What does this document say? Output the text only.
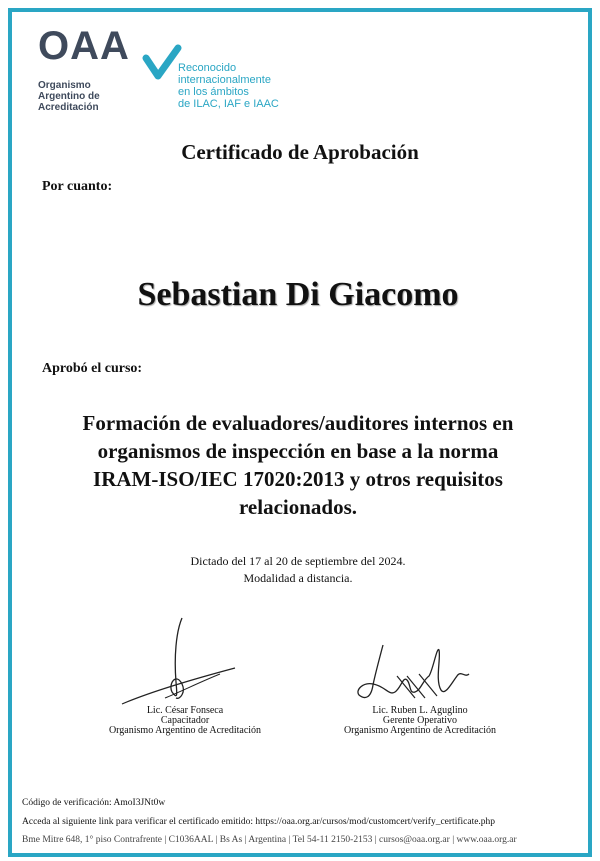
OAA
Organismo
Argentino de
Acreditación
Reconocido
internacionalmente
en los ámbitos
de ILAC, IAF e IAAC
Certificado de Aprobación
Por cuanto:
Sebastian Di Giacomo
Aprobó el curso:
Formación de evaluadores/auditores internos en
organismos de inspección en base a la norma
IRAM-ISO/IEC 17020:2013 y otros requisitos
relacionados.
Dictado del 17 al 20 de septiembre del 2024.
Modalidad a distancia.
Lic. César Fonseca
Capacitador
Organismo Argentino de Acreditación
Lic. Ruben L. Aguglino
Gerente Operativo
Organismo Argentino de Acreditación
Código de verificación: AmoI3JNt0w
Acceda al siguiente link para verificar el certificado emitido: https://oaa.org.ar/cursos/mod/customcert/verify_certificate.php
Bme Mitre 648, 1° piso Contrafrente | C1036AAL | Bs As | Argentina | Tel 54-11 2150-2153 | cursos@oaa.org.ar | www.oaa.org.ar
